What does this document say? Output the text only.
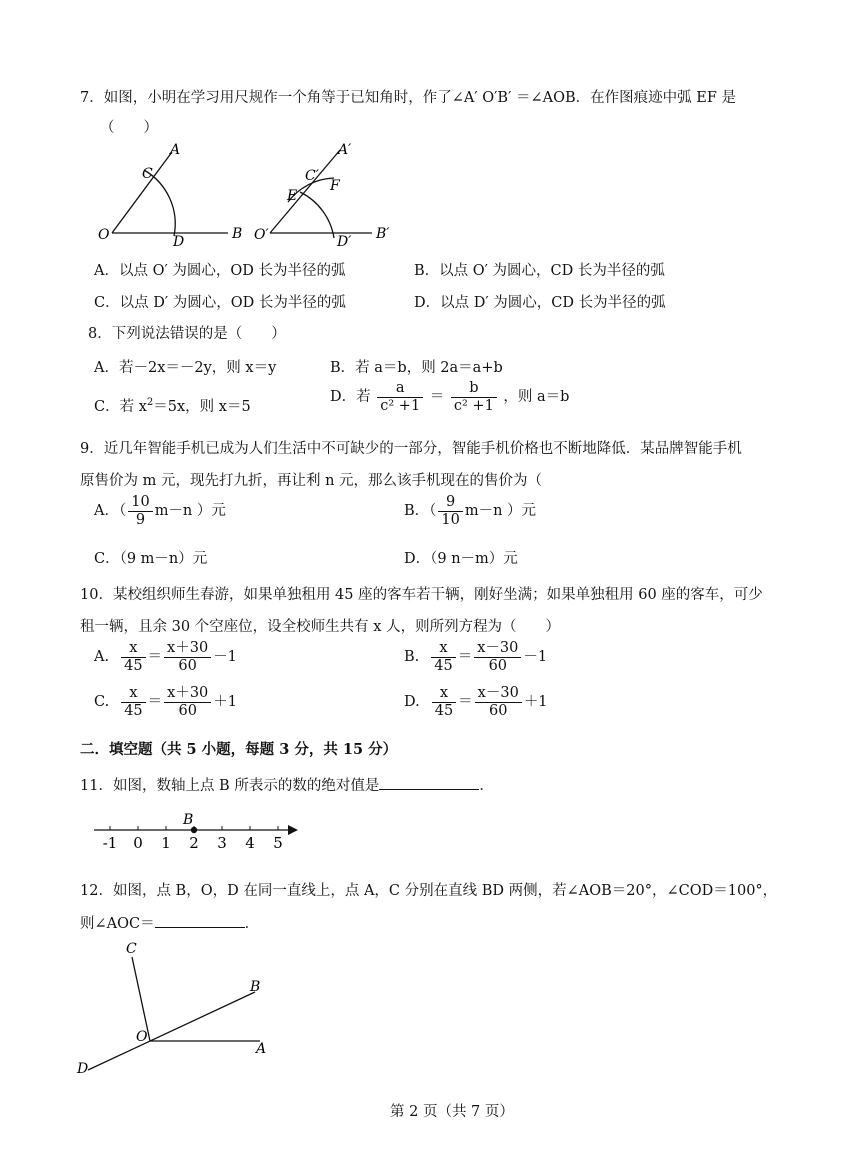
7．如图，小明在学习用尺规作一个角等于已知角时，作了∠A′ O′B′ ＝∠AOB．在作图痕迹中弧 EF 是
（　　）
O	B
A
C
D	O′	B′
A′
C′
E
F
D′
A．以点 O′ 为圆心，OD 长为半径的弧	B．以点 O′ 为圆心，CD 长为半径的弧
C．以点 D′ 为圆心，OD 长为半径的弧	D．以点 D′ 为圆心，CD 长为半径的弧
8．下列说法错误的是（　　）
A．若－2x＝－2y，则 x＝y	B．若 a＝b，则 2a＝a+b
C．若 $x^2=5x$，则 x＝5
D．若 $\frac{a}{\text{c² +1}} = \frac{b}{\text{c² +1}}$ ，则 a＝b
9．近几年智能手机已成为人们生活中不可缺少的一部分，智能手机价格也不断地降低．某品牌智能手机
原售价为 m 元，现先打九折，再让利 n 元，那么该手机现在的售价为（
A．（ $\frac{10}{9} m-n$ ）元	B．（ $\frac{9}{10} m-n$ ）元
C．（9 m－n）元	D．（9 n－m）元
10．某校组织师生春游，如果单独租用 45 座的客车若干辆，刚好坐满；如果单独租用 60 座的客车，可少
租一辆，且余 30 个空座位，设全校师生共有 x 人，则所列方程为（　　）
A. $\frac{x}{45} = \frac{x+30}{60} -1$	B. $\frac{x}{45} = \frac{x-30}{60} -1$
C. $\frac{x}{45} = \frac{x+30}{60} +1$	D. $\frac{x}{45} = \frac{x-30}{60} +1$
二．填空题（共 5 小题，每题 3 分，共 15 分）
11．如图，数轴上点 B 所表示的数的绝对值是	．
-1 0 1 2 3 4 5
B
12．如图，点 B，O，D 在同一直线上，点 A，C 分别在直线 BD 两侧，若∠AOB＝20°，∠COD＝100°，
则∠AOC＝	．
C
B
O
A
D
第 2 页（共 7 页）
